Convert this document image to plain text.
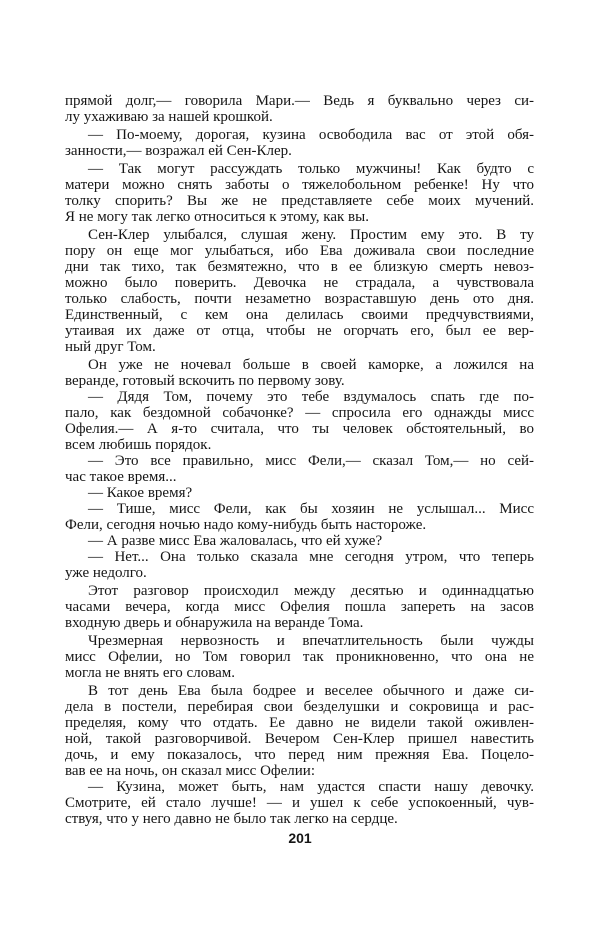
прямой долг,— говорила Мари.— Ведь я буквально через си-
лу ухаживаю за нашей крошкой.
— По-моему, дорогая, кузина освободила вас от этой обя-
занности,— возражал ей Сен-Клер.
— Так могут рассуждать только мужчины! Как будто с
матери можно снять заботы о тяжелобольном ребенке! Ну что
толку спорить? Вы же не представляете себе моих мучений.
Я не могу так легко относиться к этому, как вы.
Сен-Клер улыбался, слушая жену. Простим ему это. В ту
пору он еще мог улыбаться, ибо Ева доживала свои последние
дни так тихо, так безмятежно, что в ее близкую смерть невоз-
можно было поверить. Девочка не страдала, а чувствовала
только слабость, почти незаметно возраставшую день ото дня.
Единственный, с кем она делилась своими предчувствиями,
утаивая их даже от отца, чтобы не огорчать его, был ее вер-
ный друг Том.
Он уже не ночевал больше в своей каморке, а ложился на
веранде, готовый вскочить по первому зову.
— Дядя Том, почему это тебе вздумалось спать где по-
пало, как бездомной собачонке? — спросила его однажды мисс
Офелия.— А я-то считала, что ты человек обстоятельный, во
всем любишь порядок.
— Это все правильно, мисс Фели,— сказал Том,— но сей-
час такое время...
— Какое время?
— Тише, мисс Фели, как бы хозяин не услышал... Мисс
Фели, сегодня ночью надо кому-нибудь быть настороже.
— А разве мисс Ева жаловалась, что ей хуже?
— Нет... Она только сказала мне сегодня утром, что теперь
уже недолго.
Этот разговор происходил между десятью и одиннадцатью
часами вечера, когда мисс Офелия пошла запереть на засов
входную дверь и обнаружила на веранде Тома.
Чрезмерная нервозность и впечатлительность были чужды
мисс Офелии, но Том говорил так проникновенно, что она не
могла не внять его словам.
В тот день Ева была бодрее и веселее обычного и даже си-
дела в постели, перебирая свои безделушки и сокровища и рас-
пределяя, кому что отдать. Ее давно не видели такой оживлен-
ной, такой разговорчивой. Вечером Сен-Клер пришел навестить
дочь, и ему показалось, что перед ним прежняя Ева. Поцело-
вав ее на ночь, он сказал мисс Офелии:
— Кузина, может быть, нам удастся спасти нашу девочку.
Смотрите, ей стало лучше! — и ушел к себе успокоенный, чув-
ствуя, что у него давно не было так легко на сердце.
201
